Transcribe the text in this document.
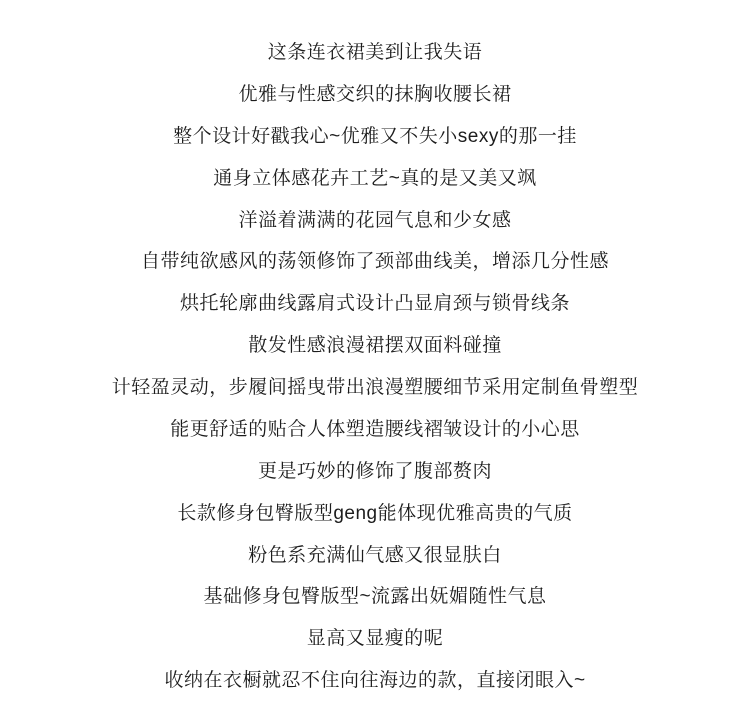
这条连衣裙美到让我失语

优雅与性感交织的抹胸收腰长裙

整个设计好戳我心~优雅又不失小sexy的那一挂

通身立体感花卉工艺~真的是又美又飒

洋溢着满满的花园气息和少女感

自带纯欲感风的荡领修饰了颈部曲线美，增添几分性感

烘托轮廓曲线露肩式设计凸显肩颈与锁骨线条

散发性感浪漫裙摆双面料碰撞

计轻盈灵动，步履间摇曳带出浪漫塑腰细节采用定制鱼骨塑型

能更舒适的贴合人体塑造腰线褶皱设计的小心思

更是巧妙的修饰了腹部赘肉

长款修身包臀版型geng能体现优雅高贵的气质

粉色系充满仙气感又很显肤白

基础修身包臀版型~流露出妩媚随性气息

显高又显瘦的呢

收纳在衣橱就忍不住向往海边的款，直接闭眼入~
